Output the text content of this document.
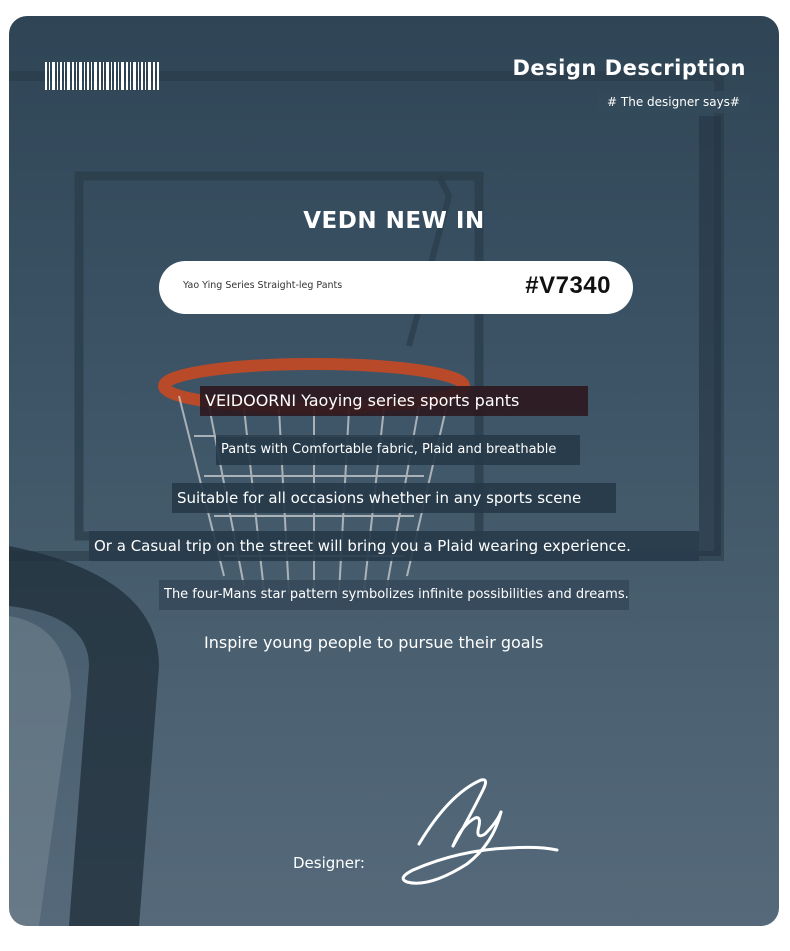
Design Description
# The designer says#
VEDN NEW IN
Yao Ying Series Straight-leg Pants	#V7340
VEIDOORNI Yaoying series sports pants
Pants with Comfortable fabric, Plaid and breathable
Suitable for all occasions whether in any sports scene
Or a Casual trip on the street will bring you a Plaid wearing experience.
The four-Mans star pattern symbolizes infinite possibilities and dreams.
Inspire young people to pursue their goals
Designer:
